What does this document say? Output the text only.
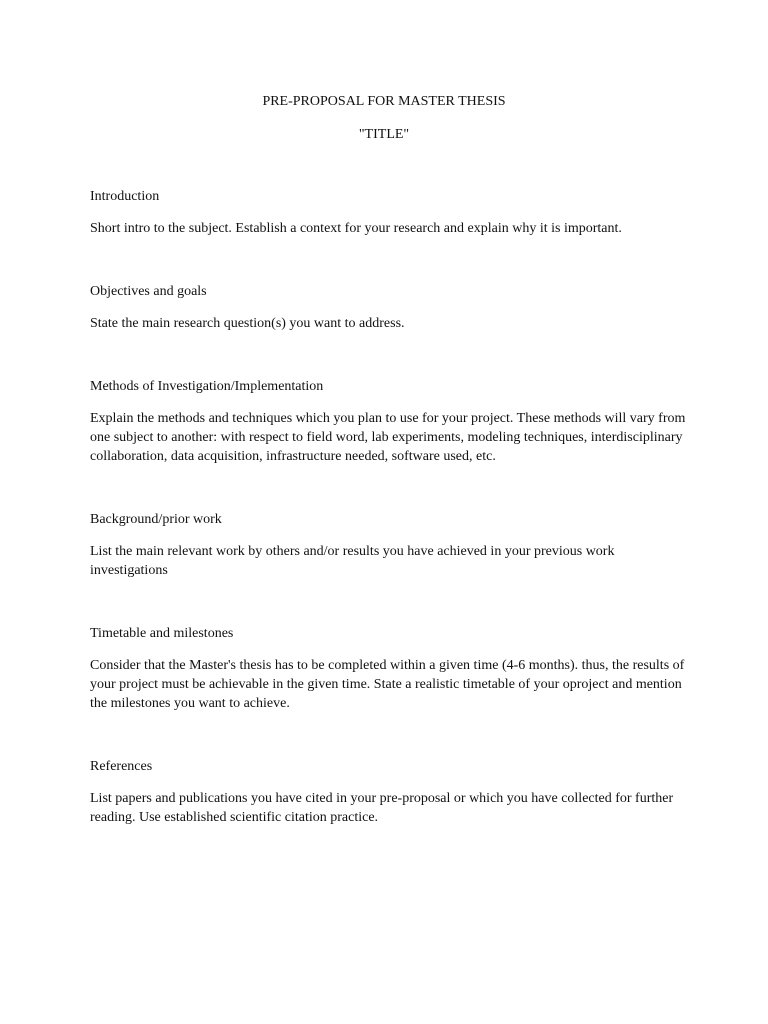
PRE-PROPOSAL FOR MASTER THESIS
"TITLE"
Introduction

Short intro to the subject. Establish a context for your research and explain why it is important.

Objectives and goals

State the main research question(s) you want to address.

Methods of Investigation/Implementation

Explain the methods and techniques which you plan to use for your project. These methods will vary from
one subject to another: with respect to field word, lab experiments, modeling techniques, interdisciplinary
collaboration, data acquisition, infrastructure needed, software used, etc.

Background/prior work

List the main relevant work by others and/or results you have achieved in your previous work
investigations

Timetable and milestones

Consider that the Master's thesis has to be completed within a given time (4-6 months). thus, the results of
your project must be achievable in the given time. State a realistic timetable of your oproject and mention
the milestones you want to achieve.

References

List papers and publications you have cited in your pre-proposal or which you have collected for further
reading. Use established scientific citation practice.
